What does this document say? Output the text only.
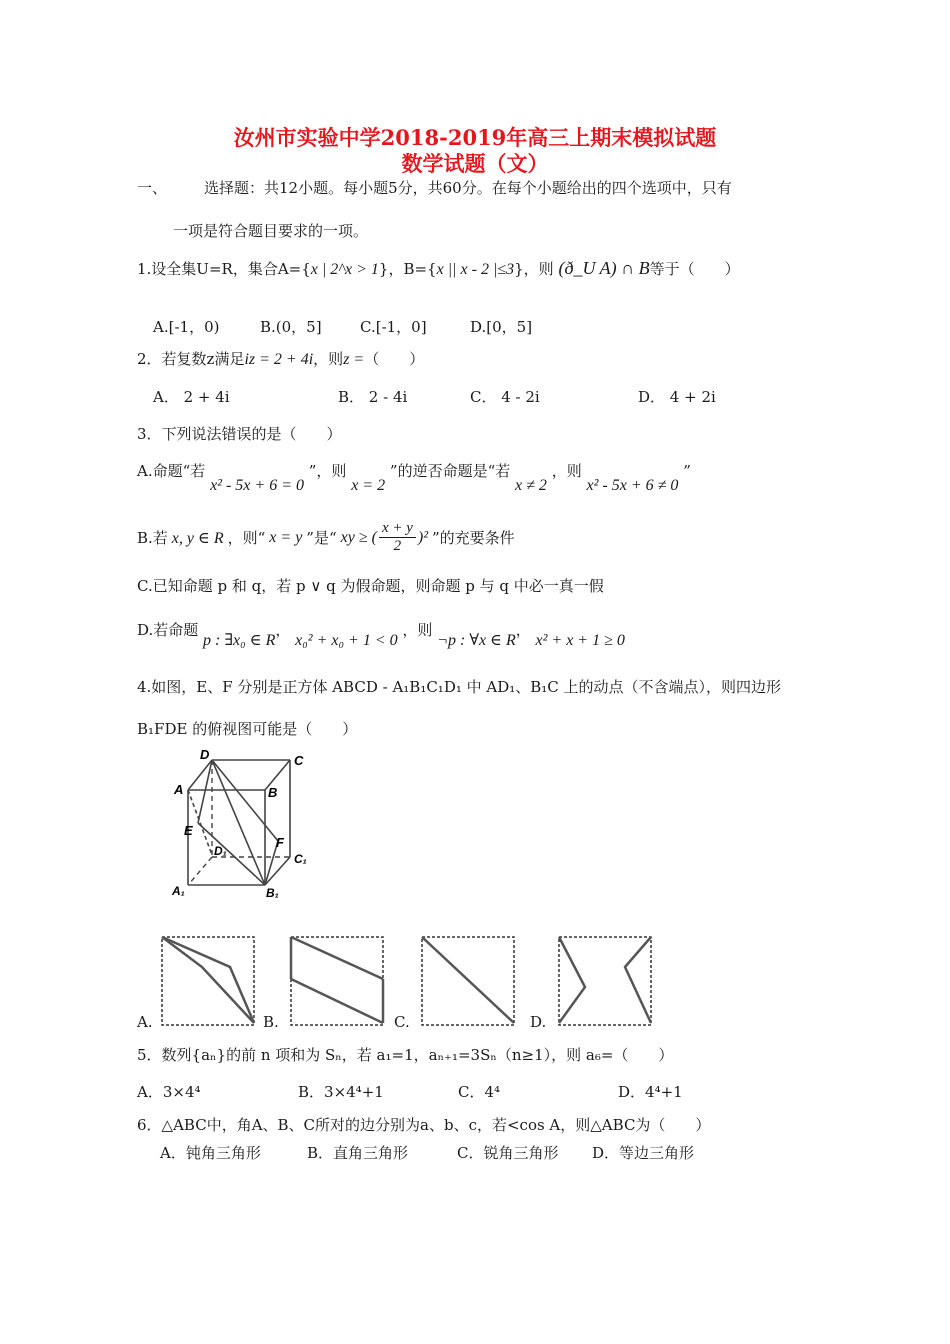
汝州市实验中学2018-2019年高三上期末模拟试题
数学试题（文）
一、 选择题：共12小题。每小题5分，共60分。在每个小题给出的四个选项中，只有
一项是符合题目要求的一项。
1.设全集U=R，集合A={x | 2^x > 1}，B={x || x - 2 |≤3}，则 (ð_U A) ∩ B等于（　　）
A.[-1，0)	B.(0，5]	C.[-1，0]	D.[0，5]
2．若复数z满足iz = 2 + 4i，则z =（　　）
A． 2 + 4i	B． 2 - 4i	C． 4 - 2i	D． 4 + 2i
3．下列说法错误的是（　　）
A.命题“若 x² - 5x + 6 = 0 ”，则 x = 2 ”的逆否命题是“若 x ≠ 2 ，则 x² - 5x + 6 ≠ 0 ”
B.若 x, y ∈ R ，则“ x = y ”是“ xy ≥ (
x + y
2
)² ”的充要条件
C.已知命题 p 和 q，若 p ∨ q 为假命题，则命题 p 与 q 中必一真一假
D.若命题 p : ∃x₀ ∈ R， x₀² + x₀ + 1 < 0 ，则 ¬p : ∀x ∈ R， x² + x + 1 ≥ 0
4.如图，E、F 分别是正方体 ABCD - A₁B₁C₁D₁ 中 AD₁、B₁C 上的动点（不含端点），则四边形
B₁FDE 的俯视图可能是（　　）
D	C
A	B
E
F
D₁
C₁
A₁	B₁
A.	B.	C.	D.
5．数列{aₙ}的前 n 项和为 Sₙ，若 a₁=1，aₙ₊₁=3Sₙ（n≥1），则 a₆=（　　）
A．3×4⁴	B．3×4⁴+1	C．4⁴	D．4⁴+1
6．△ABC中，角A、B、C所对的边分别为a、b、c，若<cos A，则△ABC为（　　）
A．钝角三角形	B．直角三角形	C．锐角三角形 D．等边三角形
